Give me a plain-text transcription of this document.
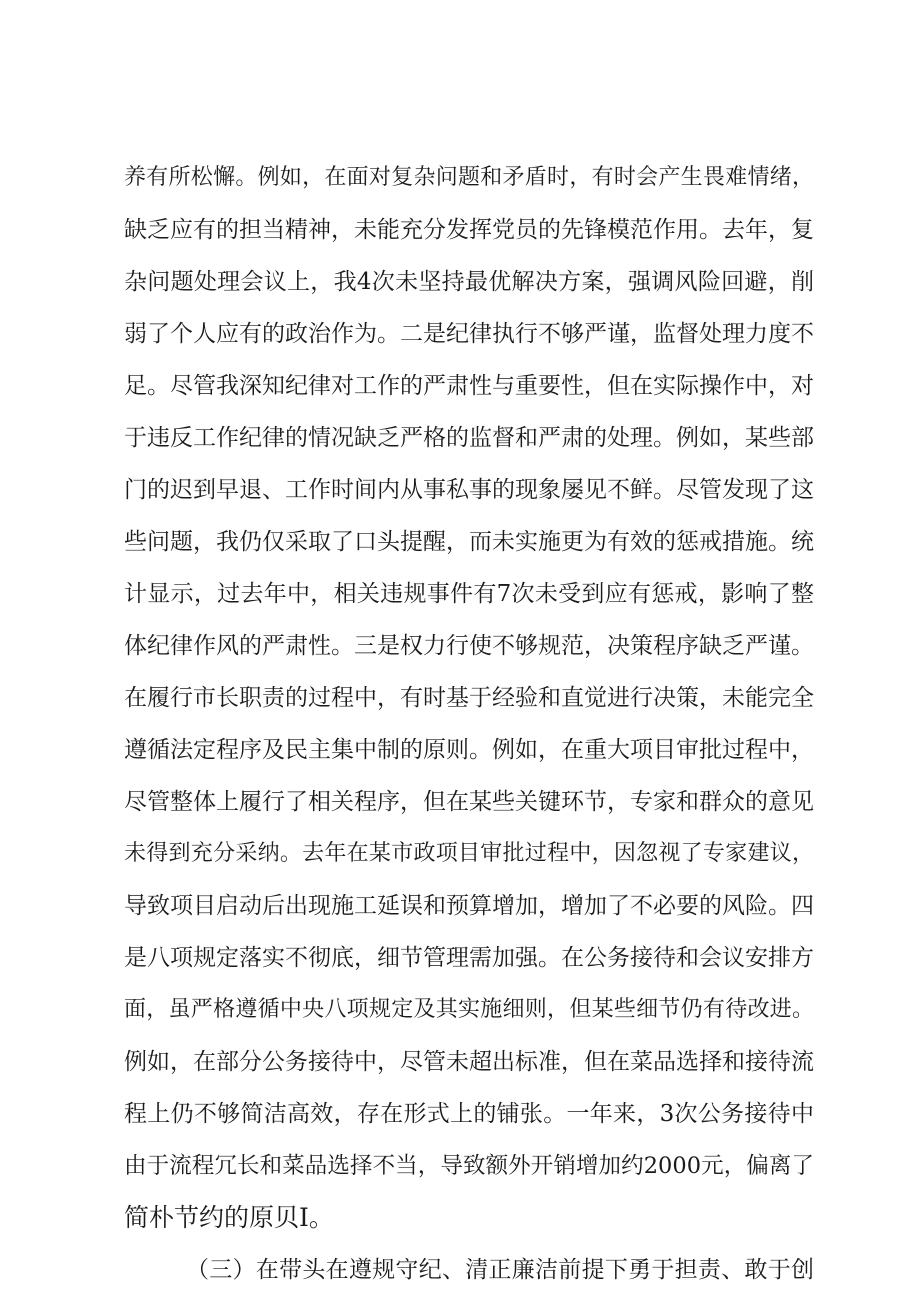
养有所松懈。例如，在面对复杂问题和矛盾时，有时会产生畏难情绪，
缺乏应有的担当精神，未能充分发挥党员的先锋模范作用。去年，复
杂问题处理会议上，我4次未坚持最优解决方案，强调风险回避，削
弱了个人应有的政治作为。二是纪律执行不够严谨，监督处理力度不
足。尽管我深知纪律对工作的严肃性与重要性，但在实际操作中，对
于违反工作纪律的情况缺乏严格的监督和严肃的处理。例如，某些部
门的迟到早退、工作时间内从事私事的现象屡见不鲜。尽管发现了这
些问题，我仍仅采取了口头提醒，而未实施更为有效的惩戒措施。统
计显示，过去年中，相关违规事件有7次未受到应有惩戒，影响了整
体纪律作风的严肃性。三是权力行使不够规范，决策程序缺乏严谨。
在履行市长职责的过程中，有时基于经验和直觉进行决策，未能完全
遵循法定程序及民主集中制的原则。例如，在重大项目审批过程中，
尽管整体上履行了相关程序，但在某些关键环节，专家和群众的意见
未得到充分采纳。去年在某市政项目审批过程中，因忽视了专家建议，
导致项目启动后出现施工延误和预算增加，增加了不必要的风险。四
是八项规定落实不彻底，细节管理需加强。在公务接待和会议安排方
面，虽严格遵循中央八项规定及其实施细则，但某些细节仍有待改进。
例如，在部分公务接待中，尽管未超出标准，但在菜品选择和接待流
程上仍不够简洁高效，存在形式上的铺张。一年来，3次公务接待中
由于流程冗长和菜品选择不当，导致额外开销增加约2000元，偏离了
简朴节约的原贝I。
（三）在带头在遵规守纪、清正廉洁前提下勇于担责、敢于创
